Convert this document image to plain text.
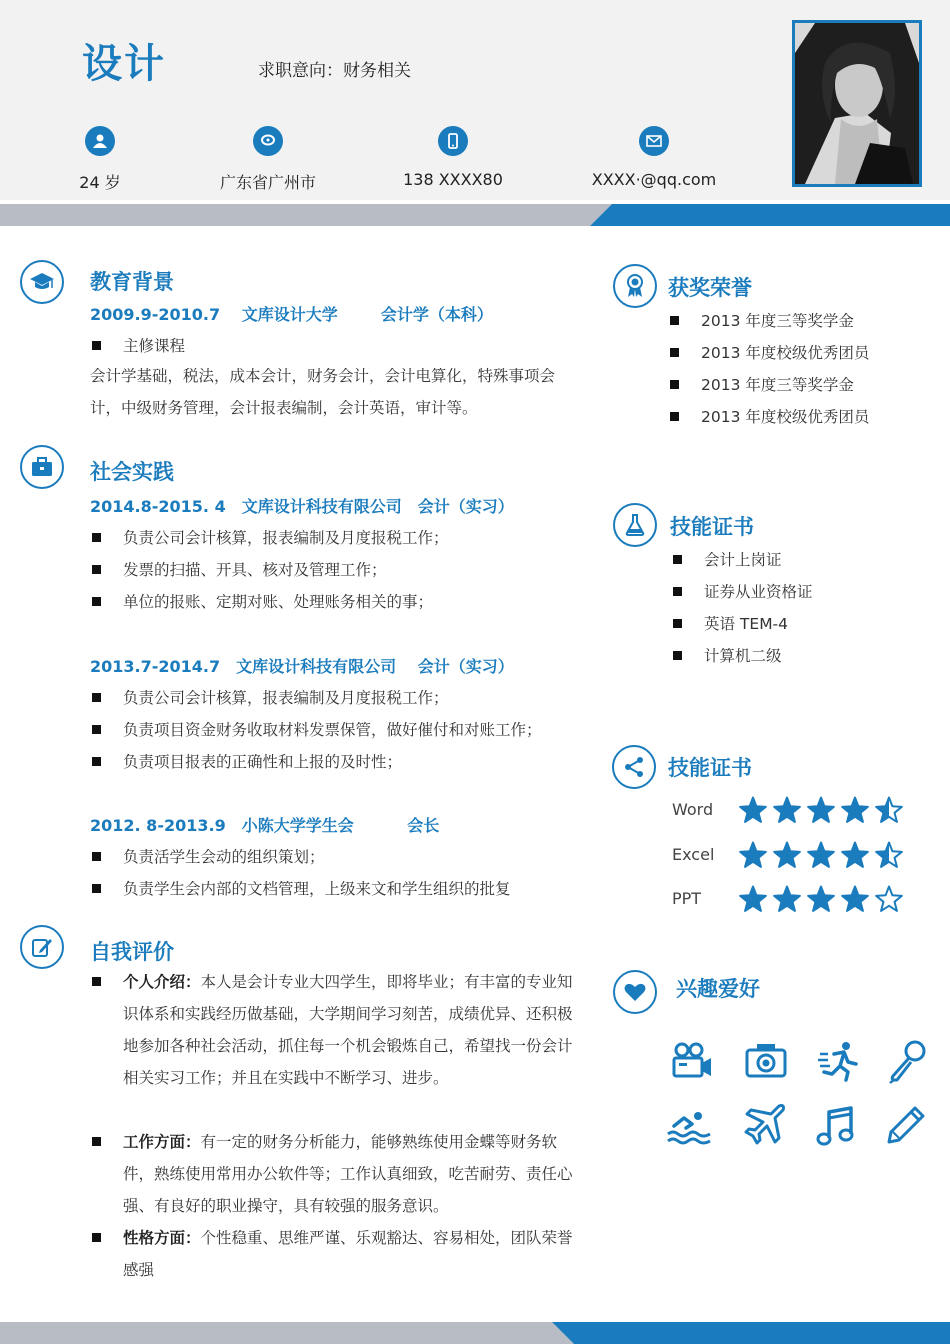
设计	求职意向：财务相关
24 岁	广东省广州市	138 XXXX80	XXXX·@qq.com
教育背景
2009.9-2010.7　 文库设计大学 　　 会计学（本科）
主修课程
会计学基础，税法，成本会计，财务会计，会计电算化，特殊事项会计，中级财务管理，会计报表编制，会计英语，审计等。
社会实践
2014.8-2015. 4　文库设计科技有限公司　会计（实习）
负责公司会计核算，报表编制及月度报税工作；
发票的扫描、开具、核对及管理工作；
单位的报账、定期对账、处理账务相关的事；
2013.7-2014.7　文库设计科技有限公司　 会计（实习）
负责公司会计核算，报表编制及月度报税工作；
负责项目资金财务收取材料发票保管，做好催付和对账工作；
负责项目报表的正确性和上报的及时性；
2012. 8-2013.9　小陈大学学生会 　　　会长
负责活学生会动的组织策划；
负责学生会内部的文档管理，上级来文和学生组织的批复
自我评价
个人介绍：本人是会计专业大四学生，即将毕业；有丰富的专业知识体系和实践经历做基础，大学期间学习刻苦，成绩优异、还积极地参加各种社会活动，抓住每一个机会锻炼自己，希望找一份会计相关实习工作；并且在实践中不断学习、进步。
工作方面：有一定的财务分析能力，能够熟练使用金蝶等财务软件，熟练使用常用办公软件等；工作认真细致，吃苦耐劳、责任心强、有良好的职业操守，具有较强的服务意识。
性格方面：个性稳重、思维严谨、乐观豁达、容易相处，团队荣誉感强
获奖荣誉
2013 年度三等奖学金
2013 年度校级优秀团员
2013 年度三等奖学金
2013 年度校级优秀团员
技能证书
会计上岗证
证券从业资格证
英语 TEM-4
计算机二级
技能证书
Word
Excel
PPT
兴趣爱好
